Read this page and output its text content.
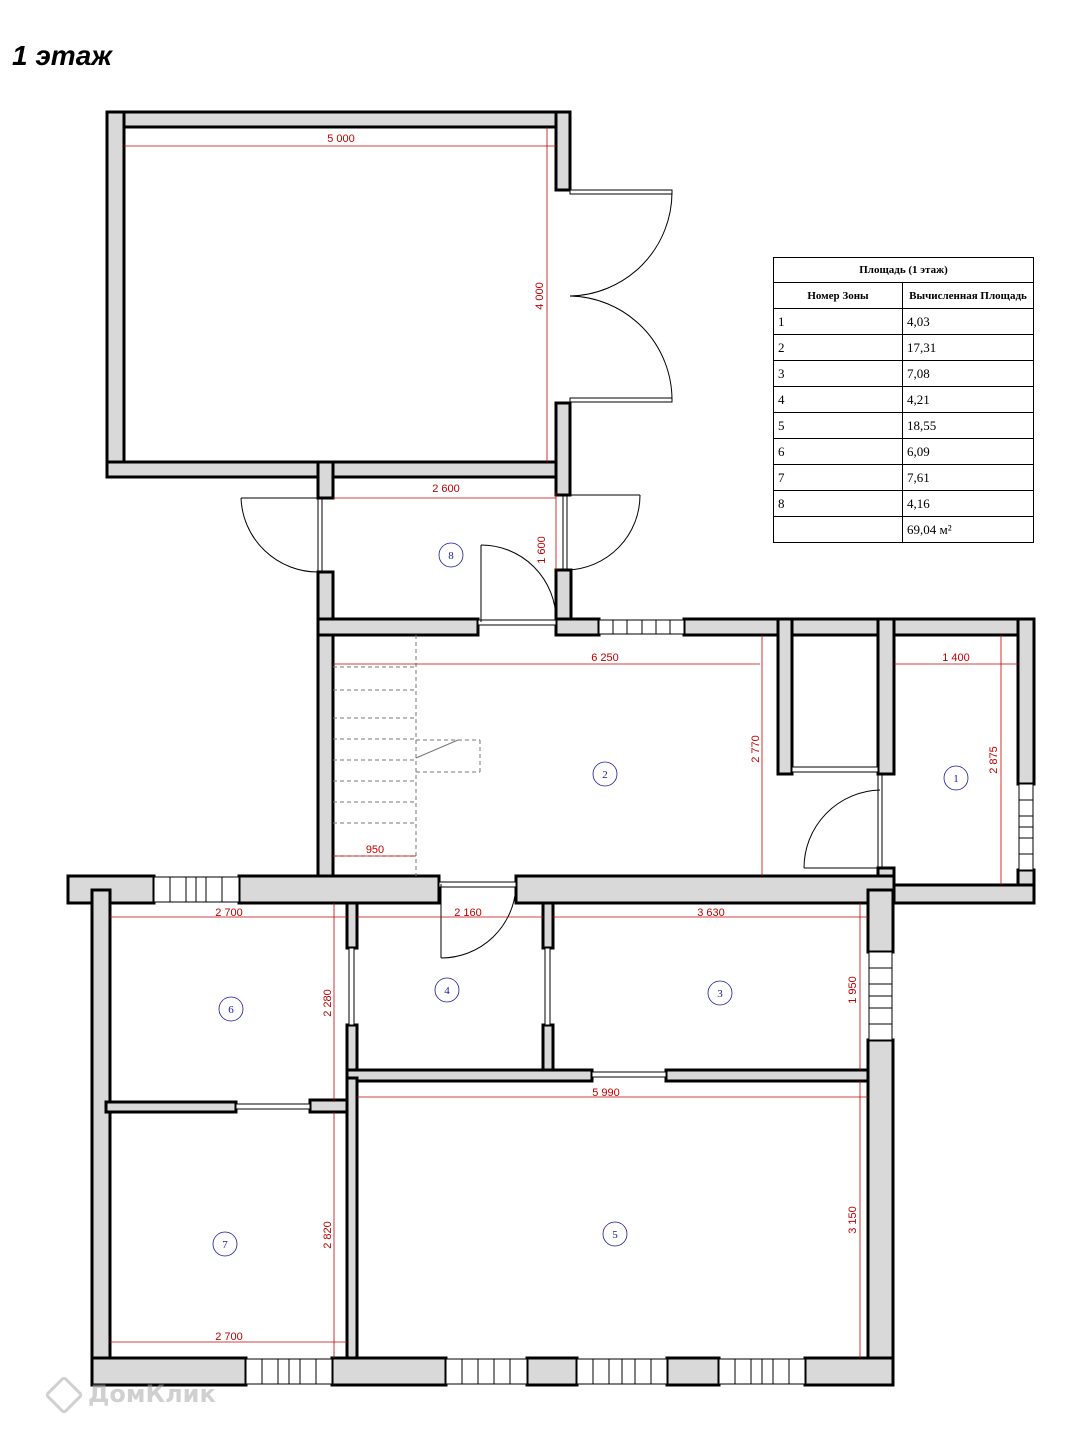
1 этаж
5 000
4 000
2 600
1 600
6 250
2 770
1 400
2 875
950
2 700	2 160	3 630
2 280	1 950
5 990
2 820
3 150
2 700
1
2
3
4
5
6
7
8
Площадь (1 этаж)	
Номер Зоны	Вычисленная Площадь
1	4,03
2	17,31
3	7,08
4	4,21
5	18,55
6	6,09
7	7,61
8	4,16
	69,04 м²
ДомКлик
